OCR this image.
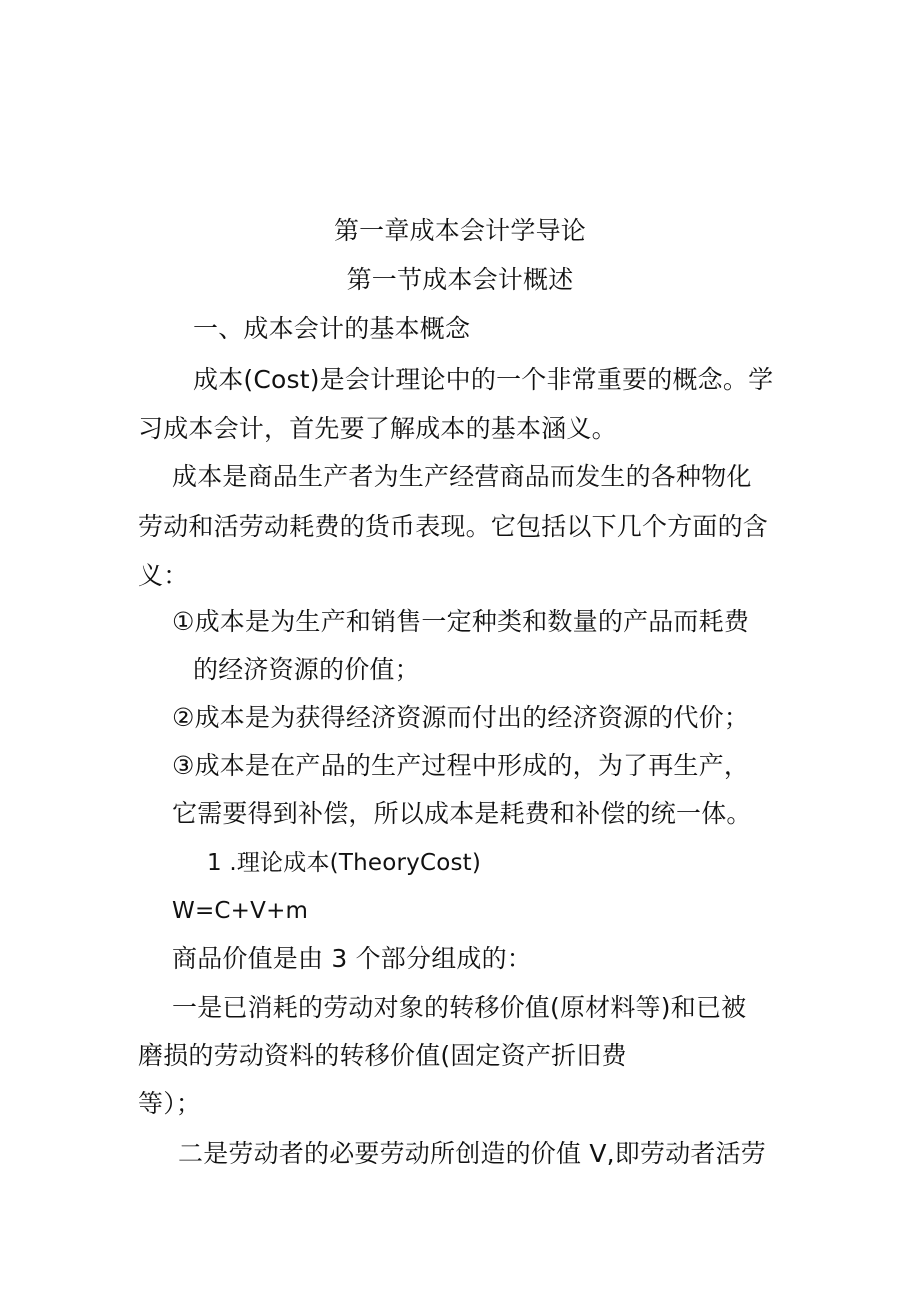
第一章成本会计学导论
第一节成本会计概述
一、成本会计的基本概念
成本(Cost)是会计理论中的一个非常重要的概念。学
习成本会计，首先要了解成本的基本涵义。
成本是商品生产者为生产经营商品而发生的各种物化
劳动和活劳动耗费的货币表现。它包括以下几个方面的含
义：
①成本是为生产和销售一定种类和数量的产品而耗费
的经济资源的价值；
②成本是为获得经济资源而付出的经济资源的代价；
③成本是在产品的生产过程中形成的，为了再生产，
它需要得到补偿，所以成本是耗费和补偿的统一体。
1 .理论成本(TheoryCost)
W=C+V+m
商品价值是由 3 个部分组成的：
一是已消耗的劳动对象的转移价值(原材料等)和已被
磨损的劳动资料的转移价值(固定资产折旧费
等）；
二是劳动者的必要劳动所创造的价值 V,即劳动者活劳
